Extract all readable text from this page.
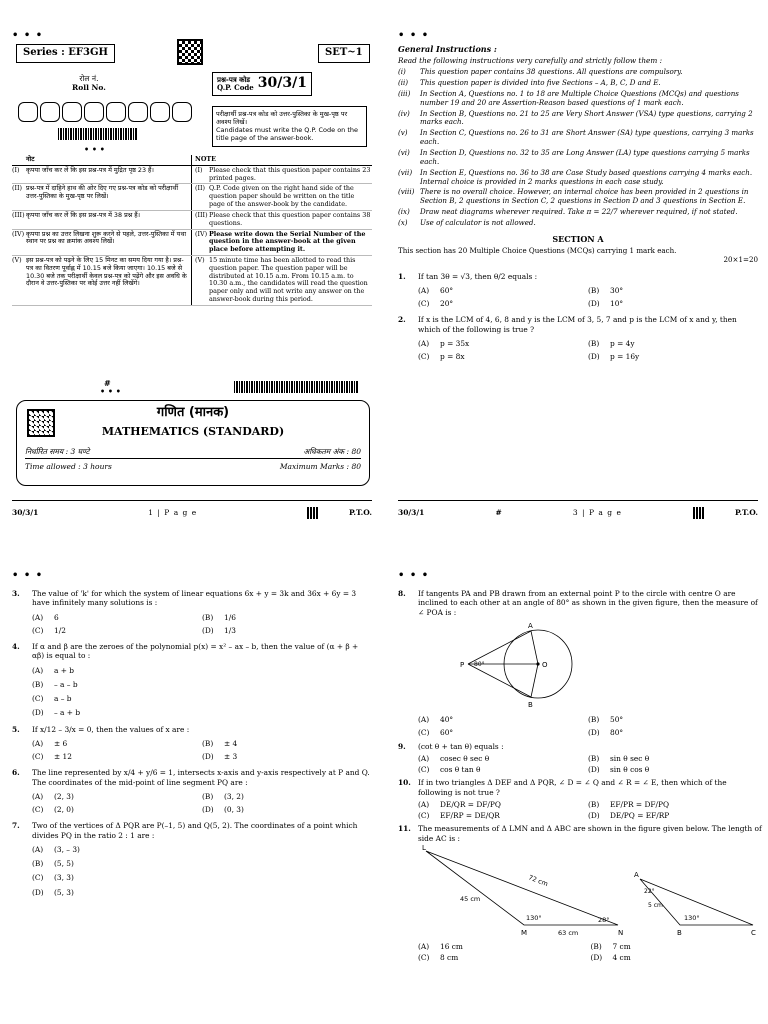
• • •
Series : EF3GH	SET~1
रोल नं.
Roll No.
प्रश्न-पत्र कोड
Q.P. Code 30/3/1
• • •
परीक्षार्थी प्रश्न-पत्र कोड को उत्तर-पुस्तिका के मुख-पृष्ठ पर अवश्य लिखें।
Candidates must write the Q.P. Code on the title page of the answer-book.
नोट	NOTE
(I)	कृपया जाँच कर लें कि इस प्रश्न-पत्र में मुद्रित पृष्ठ 23 हैं।	(I)	Please check that this question paper contains 23 printed pages.
(II) प्रश्न-पत्र में दाहिने हाथ की ओर दिए गए प्रश्न-पत्र कोड को परीक्षार्थी उत्तर-पुस्तिका के मुख-पृष्ठ पर लिखें।
(II) Q.P. Code given on the right hand side of the question paper should be written on the title page of the answer-book by the candidate.
(III) कृपया जाँच कर लें कि इस प्रश्न-पत्र में 38 प्रश्न हैं।	(III) Please check that this question paper contains 38 questions.
(IV) कृपया प्रश्न का उत्तर लिखना शुरू करने से पहले, उत्तर-पुस्तिका में यथा स्थान पर प्रश्न का क्रमांक अवश्य लिखें।
(IV) Please write down the Serial Number of the question in the answer-book at the given place before attempting it.
(V) इस प्रश्न-पत्र को पढ़ने के लिए 15 मिनट का समय दिया गया है। प्रश्न-पत्र का वितरण पूर्वाह्न में 10.15 बजे किया जाएगा। 10.15 बजे से 10.30 बजे तक परीक्षार्थी केवल प्रश्न-पत्र को पढ़ेंगे और इस अवधि के दौरान वे उत्तर-पुस्तिका पर कोई उत्तर नहीं लिखेंगे।
(V) 15 minute time has been allotted to read this question paper. The question paper will be distributed at 10.15 a.m. From 10.15 a.m. to 10.30 a.m., the candidates will read the question paper only and will not write any answer on the answer-book during this period.
#
• • •
गणित (मानक)
MATHEMATICS (STANDARD)
निर्धारित समय : 3 घण्टे	अधिकतम अंक : 80
Time allowed : 3 hours	Maximum Marks : 80
30/3/1	1 | P a g e	P.T.O.
• • •
General Instructions :
Read the following instructions very carefully and strictly follow them :
(i)	This question paper contains 38 questions. All questions are compulsory.
(ii)	This question paper is divided into five Sections – A, B, C, D and E.
(iii)	In Section A, Questions no. 1 to 18 are Multiple Choice Questions (MCQs) and questions number 19 and 20 are Assertion-Reason based questions of 1 mark each.
(iv)	In Section B, Questions no. 21 to 25 are Very Short Answer (VSA) type questions, carrying 2 marks each.
(v)	In Section C, Questions no. 26 to 31 are Short Answer (SA) type questions, carrying 3 marks each.
(vi)	In Section D, Questions no. 32 to 35 are Long Answer (LA) type questions carrying 5 marks each.
(vii)	In Section E, Questions no. 36 to 38 are Case Study based questions carrying 4 marks each. Internal choice is provided in 2 marks questions in each case study.
(viii) There is no overall choice. However, an internal choice has been provided in 2 questions in Section B, 2 questions in Section C, 2 questions in Section D and 3 questions in Section E.
(ix)	Draw neat diagrams wherever required. Take π = 22/7 wherever required, if not stated.
(x)	Use of calculator is not allowed.
SECTION A
This section has 20 Multiple Choice Questions (MCQs) carrying 1 mark each.
20×1=20
1.	If tan 3θ = √3, then θ/2 equals :
(A)	60°	(B)	30°
(C)	20°	(D)	10°
2.	If x is the LCM of 4, 6, 8 and y is the LCM of 3, 5, 7 and p is the LCM of x and y, then which of the following is true ?
(A)	p = 35x	(B)	p = 4y
(C)	p = 8x	(D)	p = 16y
30/3/1	#	3 | P a g e	P.T.O.
• • •
3.	The value of 'k' for which the system of linear equations 6x + y = 3k and 36x + 6y = 3 have infinitely many solutions is :
(A)	6	(B)	1/6
(C)	1/2	(D)	1/3
4.	If α and β are the zeroes of the polynomial p(x) = x² – ax – b, then the value of (α + β + αβ) is equal to :
(A)	a + b
(B)	– a – b
(C)	a – b
(D)	– a + b
5.	If x/12 – 3/x = 0, then the values of x are :
(A)	± 6	(B)	± 4
(C)	± 12	(D)	± 3
6.	The line represented by x/4 + y/6 = 1, intersects x-axis and y-axis respectively at P and Q. The coordinates of the mid-point of line segment PQ are :
(A)	(2, 3)	(B)	(3, 2)
(C)	(2, 0)	(D)	(0, 3)
7.	Two of the vertices of Δ PQR are P(–1, 5) and Q(5, 2). The coordinates of a point which divides PQ in the ratio 2 : 1 are :
(A)	(3, – 3)
(B)	(5, 5)
(C)	(3, 3)
(D)	(5, 3)
• • •
8.	If tangents PA and PB drawn from an external point P to the circle with centre O are inclined to each other at an angle of 80° as shown in the given figure, then the measure of ∠ POA is :
A
B
P	O
80°
(A)	40°	(B)	50°
(C)	60°	(D)	80°
9.	(cot θ + tan θ) equals :
(A)	cosec θ sec θ	(B)	sin θ sec θ
(C)	cos θ tan θ	(D)	sin θ cos θ
10. If in two triangles Δ DEF and Δ PQR, ∠ D = ∠ Q and ∠ R = ∠ E, then which of the following is not true ?
(A)	DE/QR = DF/PQ	(B)	EF/PR = DF/PQ
(C)	EF/RP = DE/QR	(D)	DE/PQ = EF/RP
11. The measurements of Δ LMN and Δ ABC are shown in the figure given below. The length of side AC is :
L
M	N
A
B	C
72 cm
45 cm
63 cm
130°	28°
5 cm
22°
130°
(A)	16 cm	(B)	7 cm
(C)	8 cm	(D)	4 cm
